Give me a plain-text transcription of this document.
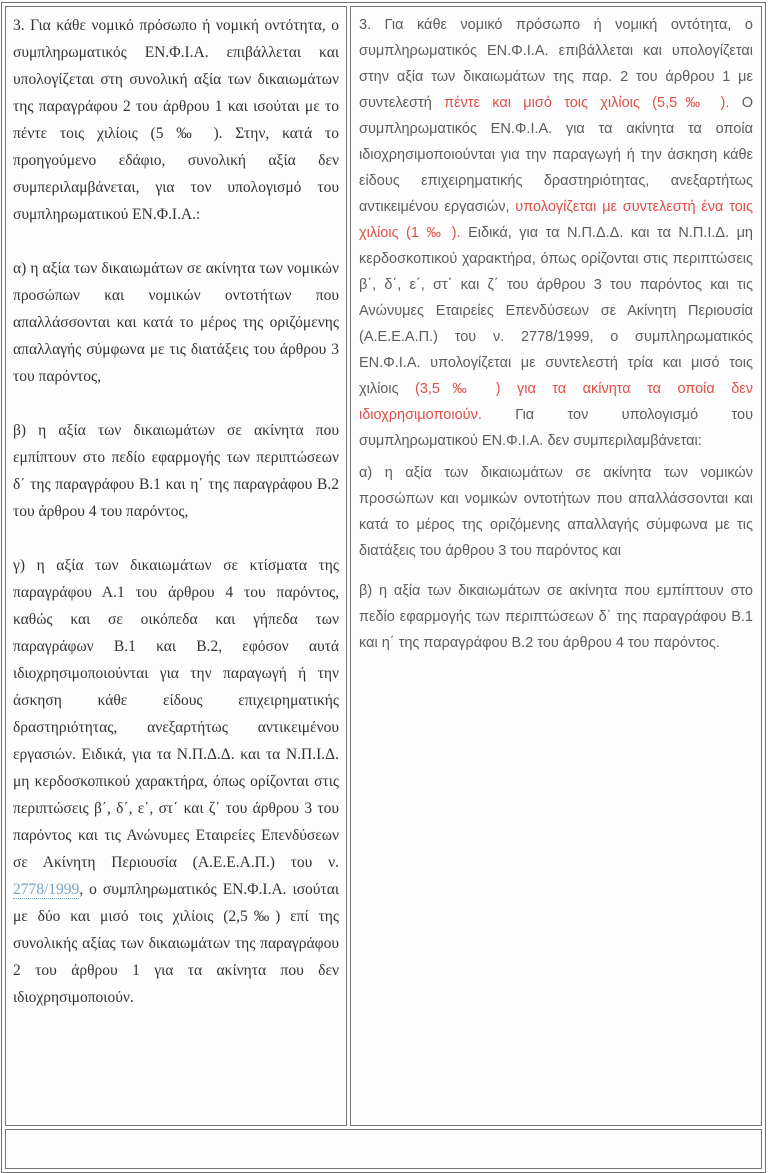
3. Για κάθε νομικό πρόσωπο ή νομική οντότητα, ο συμπληρωματικός ΕΝ.Φ.Ι.Α. επιβάλλεται και υπολογίζεται στη συνολική αξία των δικαιωμάτων της παραγράφου 2 του άρθρου 1 και ισούται με το πέντε τοις χιλίοις (5 ‰ ). Στην, κατά το προηγούμενο εδάφιο, συνολική αξία δεν συμπεριλαμβάνεται, για τον υπολογισμό του συμπληρωματικού ΕΝ.Φ.Ι.Α.:

α) η αξία των δικαιωμάτων σε ακίνητα των νομικών προσώπων και νομικών οντοτήτων που απαλλάσσονται και κατά το μέρος της οριζόμενης απαλλαγής σύμφωνα με τις διατάξεις του άρθρου 3 του παρόντος,

β) η αξία των δικαιωμάτων σε ακίνητα που εμπίπτουν στο πεδίο εφαρμογής των περιπτώσεων δ΄ της παραγράφου Β.1 και η΄ της παραγράφου Β.2 του άρθρου 4 του παρόντος,

γ) η αξία των δικαιωμάτων σε κτίσματα της παραγράφου Α.1 του άρθρου 4 του παρόντος, καθώς και σε οικόπεδα και γήπεδα των παραγράφων Β.1 και Β.2, εφόσον αυτά ιδιοχρησιμοποιούνται για την παραγωγή ή την άσκηση κάθε είδους επιχειρηματικής δραστηριότητας, ανεξαρτήτως αντικειμένου εργασιών. Ειδικά, για τα Ν.Π.Δ.Δ. και τα Ν.Π.Ι.Δ. μη κερδοσκοπικού χαρακτήρα, όπως ορίζονται στις περιπτώσεις β΄, δ΄, ε΄, στ΄ και ζ΄ του άρθρου 3 του παρόντος και τις Ανώνυμες Εταιρείες Επενδύσεων σε Ακίνητη Περιουσία (Α.Ε.Ε.Α.Π.) του ν. 2778/1999, ο συμπληρωματικός ΕΝ.Φ.Ι.Α. ισούται με δύο και μισό τοις χιλίοις (2,5‰) επί της συνολικής αξίας των δικαιωμάτων της παραγράφου 2 του άρθρου 1 για τα ακίνητα που δεν ιδιοχρησιμοποιούν.

3. Για κάθε νομικό πρόσωπο ή νομική οντότητα, ο συμπληρωματικός ΕΝ.Φ.Ι.Α. επιβάλλεται και υπολογίζεται στην αξία των δικαιωμάτων της παρ. 2 του άρθρου 1 με συντελεστή πέντε και μισό τοις χιλίοις (5,5‰ ). Ο συμπληρωματικός ΕΝ.Φ.Ι.Α. για τα ακίνητα τα οποία ιδιοχρησιμοποιούνται για την παραγωγή ή την άσκηση κάθε είδους επιχειρηματικής δραστηριότητας, ανεξαρτήτως αντικειμένου εργασιών, υπολογίζεται με συντελεστή ένα τοις χιλίοις (1 ‰ ). Ειδικά, για τα Ν.Π.Δ.Δ. και τα Ν.Π.Ι.Δ. μη κερδοσκοπικού χαρακτήρα, όπως ορίζονται στις περιπτώσεις β΄, δ΄, ε΄, στ΄ και ζ΄ του άρθρου 3 του παρόντος και τις Ανώνυμες Εταιρείες Επενδύσεων σε Ακίνητη Περιουσία (Α.Ε.Ε.Α.Π.) του ν. 2778/1999, ο συμπληρωματικός ΕΝ.Φ.Ι.Α. υπολογίζεται με συντελεστή τρία και μισό τοις χιλίοις (3,5‰ ) για τα ακίνητα τα οποία δεν ιδιοχρησιμοποιούν. Για τον υπολογισμό του συμπληρωματικού ΕΝ.Φ.Ι.Α. δεν συμπεριλαμβάνεται:

α) η αξία των δικαιωμάτων σε ακίνητα των νομικών προσώπων και νομικών οντοτήτων που απαλλάσσονται και κατά το μέρος της οριζόμενης απαλλαγής σύμφωνα με τις διατάξεις του άρθρου 3 του παρόντος και

β) η αξία των δικαιωμάτων σε ακίνητα που εμπίπτουν στο πεδίο εφαρμογής των περιπτώσεων δ΄ της παραγράφου Β.1 και η΄ της παραγράφου Β.2 του άρθρου 4 του παρόντος.
